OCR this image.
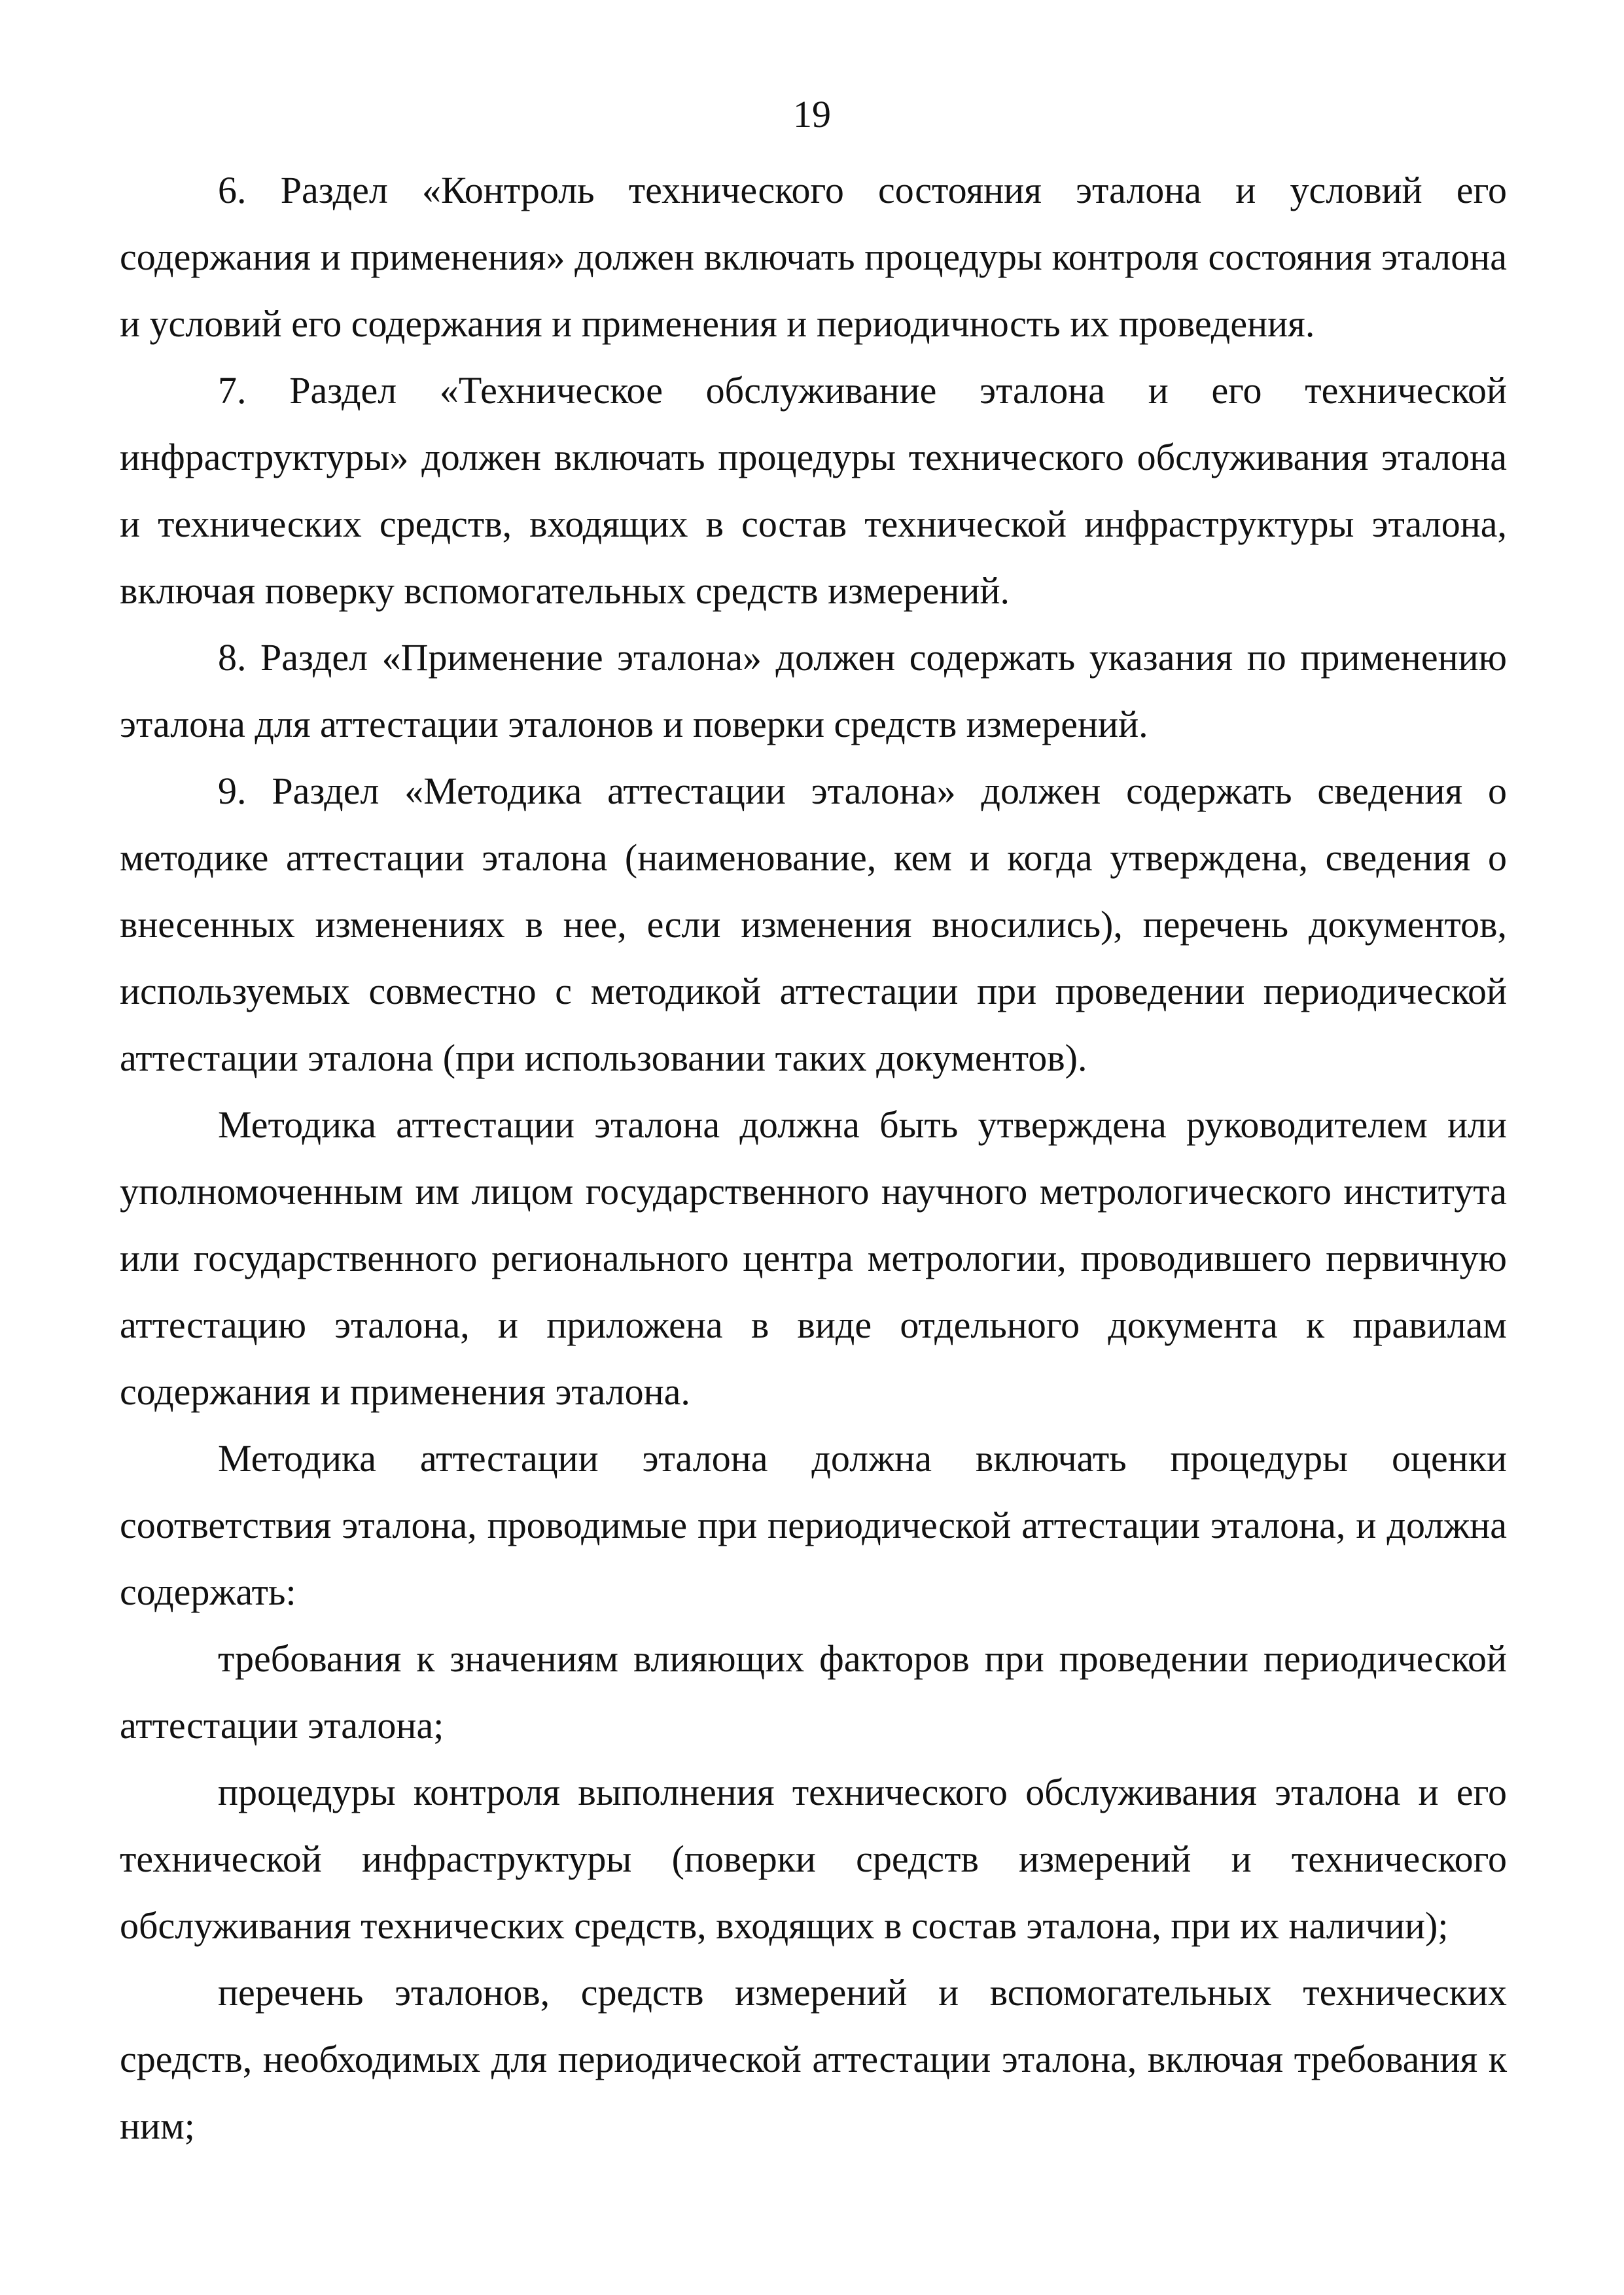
19

6. Раздел «Контроль технического состояния эталона и условий его содержания и применения» должен включать процедуры контроля состояния эталона и условий его содержания и применения и периодичность их проведения.

7. Раздел «Техническое обслуживание эталона и его технической инфраструктуры» должен включать процедуры технического обслуживания эталона и технических средств, входящих в состав технической инфраструктуры эталона, включая поверку вспомогательных средств измерений.

8. Раздел «Применение эталона» должен содержать указания по применению эталона для аттестации эталонов и поверки средств измерений.

9. Раздел «Методика аттестации эталона» должен содержать сведения о методике аттестации эталона (наименование, кем и когда утверждена, сведения о внесенных изменениях в нее, если изменения вносились), перечень документов, используемых совместно с методикой аттестации при проведении периодической аттестации эталона (при использовании таких документов).

Методика аттестации эталона должна быть утверждена руководителем или уполномоченным им лицом государственного научного метрологического института или государственного регионального центра метрологии, проводившего первичную аттестацию эталона, и приложена в виде отдельного документа к правилам содержания и применения эталона.

Методика аттестации эталона должна включать процедуры оценки соответствия эталона, проводимые при периодической аттестации эталона, и должна содержать:

требования к значениям влияющих факторов при проведении периодической аттестации эталона;

процедуры контроля выполнения технического обслуживания эталона и его технической инфраструктуры (поверки средств измерений и технического обслуживания технических средств, входящих в состав эталона, при их наличии);

перечень эталонов, средств измерений и вспомогательных технических средств, необходимых для периодической аттестации эталона, включая требования к ним;
